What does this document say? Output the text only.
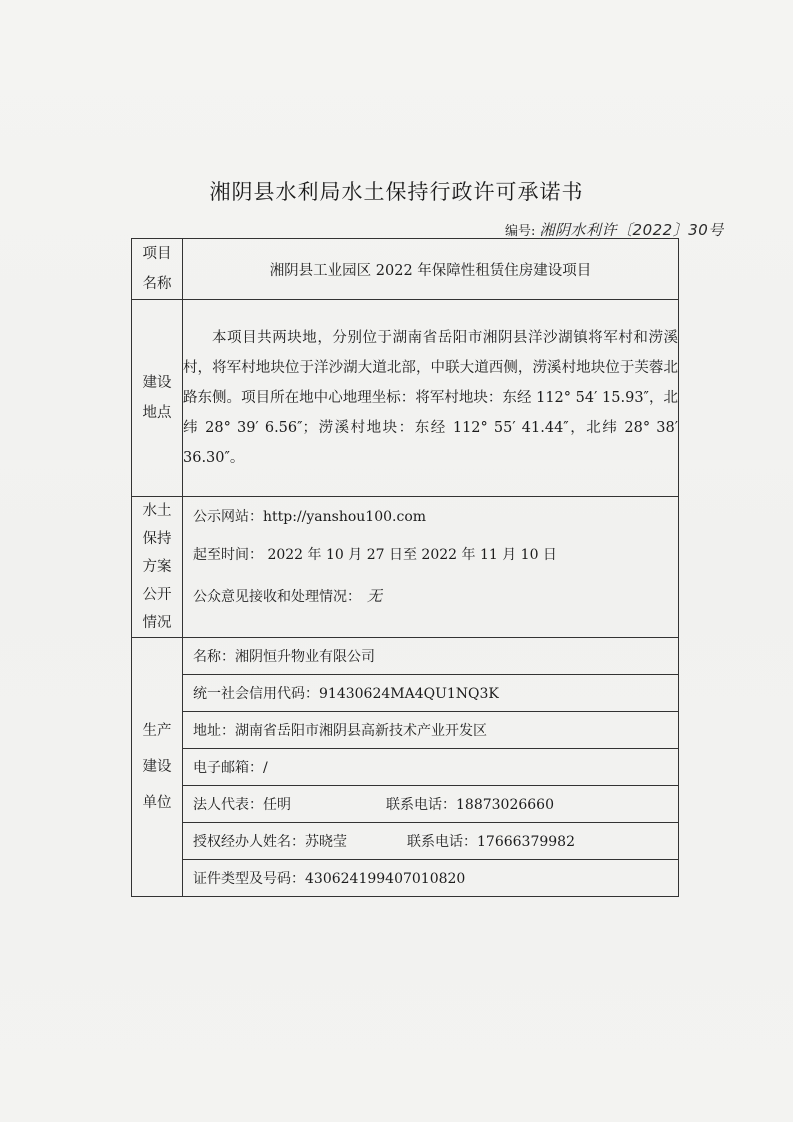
湘阴县水利局水土保持行政许可承诺书
编号: 湘阴水利许〔2022〕30号
项目
名称
	湘阴县工业园区 2022 年保障性租赁住房建设项目

建设
地点
	本项目共两块地，分别位于湖南省岳阳市湘阴县洋沙湖镇将军村和涝溪村，将军村地块位于洋沙湖大道北部，中联大道西侧，涝溪村地块位于芙蓉北路东侧。项目所在地中心地理坐标：将军村地块：东经 112° 54′ 15.93″，北纬 28° 39′ 6.56″；涝溪村地块：东经 112° 55′ 41.44″，北纬 28° 38′ 36.30″。

水土
保持
方案
公开
情况

公示网站：http://yanshou100.com
起至时间： 2022 年 10 月 27 日至 2022 年 11 月 10 日
公众意见接收和处理情况： 无

生产
建设
单位

名称：湘阴恒升物业有限公司
统一社会信用代码：91430624MA4QU1NQ3K
地址：湖南省岳阳市湘阴县高新技术产业开发区
电子邮箱：/
法人代表：任明	联系电话：18873026660
授权经办人姓名：苏晓莹	联系电话：17666379982
证件类型及号码：430624199407010820
